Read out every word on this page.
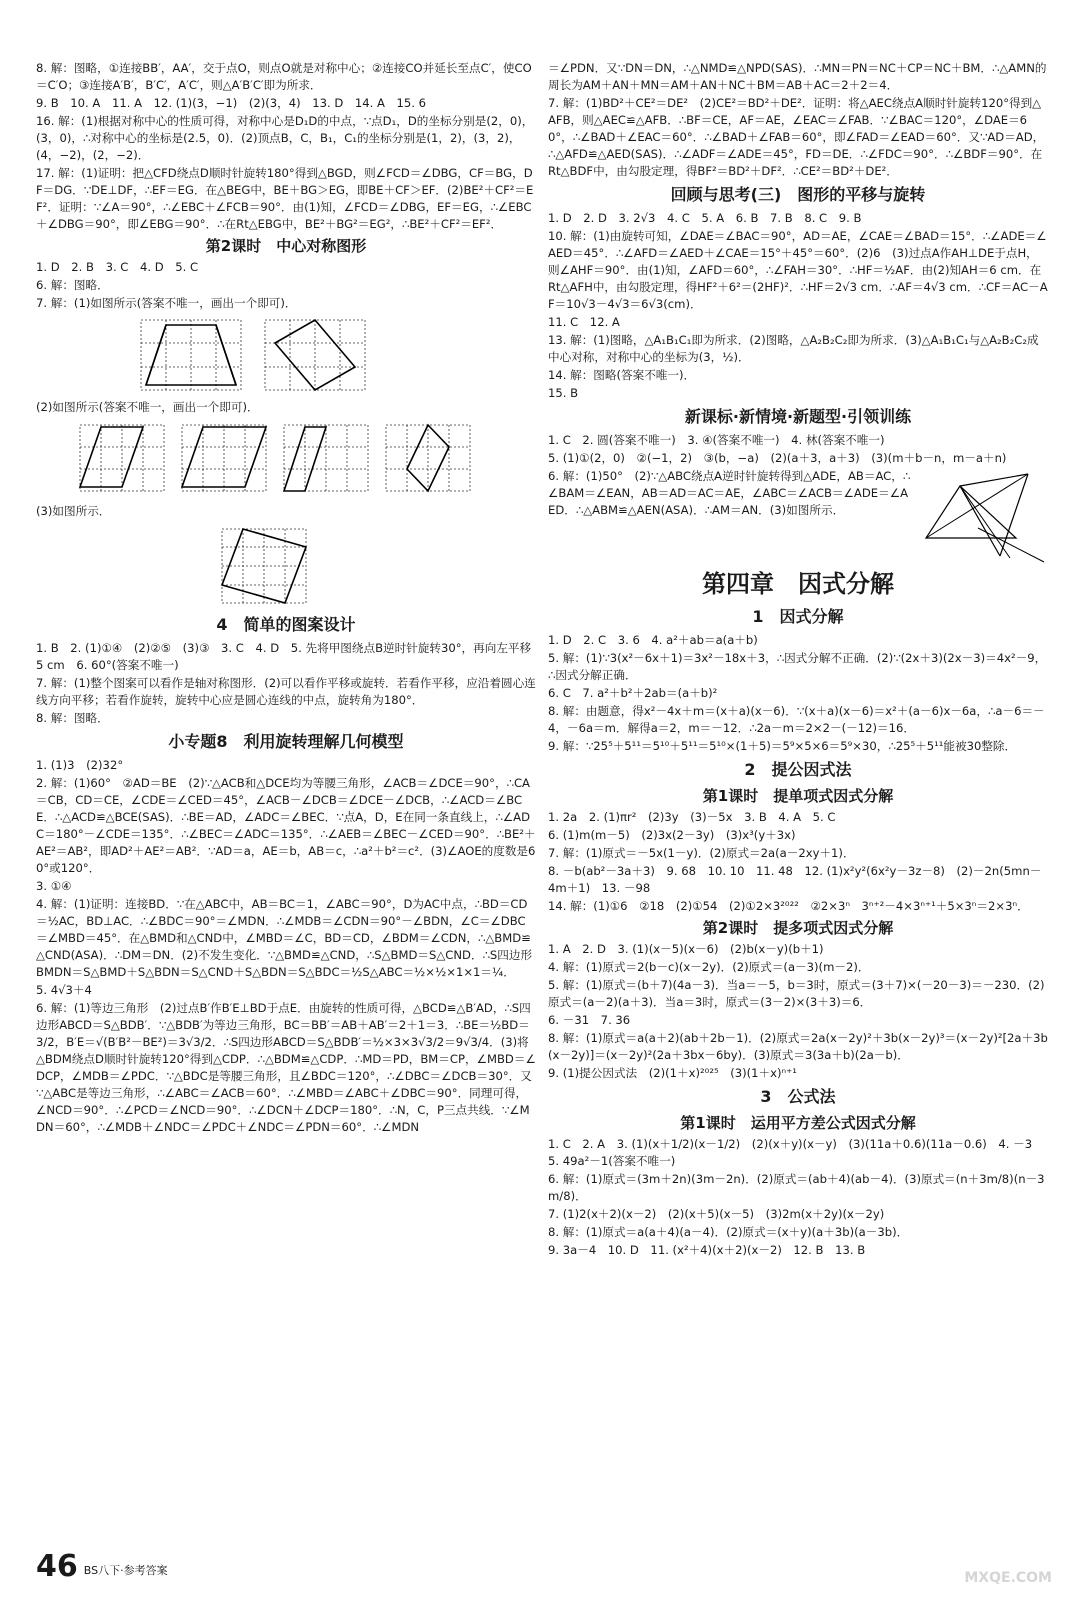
8. 解：图略，①连接BB′，AA′，交于点O，则点O就是对称中心；②连接CO并延长至点C′，使CO＝C′O；③连接A′B′，B′C′，A′C′，则△A′B′C′即为所求．

9. B　10. A　11. A　12. (1)(3，−1)　(2)(3，4)　13. D　14. A　15. 6

16. 解：(1)根据对称中心的性质可得，对称中心是D₁D的中点，∵点D₁，D的坐标分别是(2，0)，(3，0)，∴对称中心的坐标是(2.5，0)．(2)顶点B，C，B₁，C₁的坐标分别是(1，2)，(3，2)，(4，−2)，(2，−2)．

17. 解：(1)证明：把△CFD绕点D顺时针旋转180°得到△BGD，则∠FCD＝∠DBG，CF＝BG，DF＝DG．∵DE⊥DF，∴EF＝EG．在△BEG中，BE＋BG＞EG，即BE＋CF＞EF．(2)BE²＋CF²＝EF²．证明：∵∠A＝90°，∴∠EBC＋∠FCB＝90°．由(1)知，∠FCD＝∠DBG，EF＝EG，∴∠EBC＋∠DBG＝90°，即∠EBG＝90°．∴在Rt△EBG中，BE²＋BG²＝EG²，∴BE²＋CF²＝EF²．

第2课时　中心对称图形

1. D　2. B　3. C　4. D　5. C

6. 解：图略．

7. 解：(1)如图所示(答案不唯一，画出一个即可)．

(2)如图所示(答案不唯一，画出一个即可)．

(3)如图所示．

4　简单的图案设计

1. B　2. (1)①④　(2)②⑤　(3)③　3. C　4. D　5. 先将甲图绕点B逆时针旋转30°，再向左平移5 cm　6. 60°(答案不唯一)

7. 解：(1)整个图案可以看作是轴对称图形．(2)可以看作平移或旋转．若看作平移，应沿着圆心连线方向平移；若看作旋转，旋转中心应是圆心连线的中点，旋转角为180°．

8. 解：图略．

小专题8　利用旋转理解几何模型

1. (1)3　(2)32°

2. 解：(1)60°　②AD＝BE　(2)∵△ACB和△DCE均为等腰三角形，∠ACB＝∠DCE＝90°，∴CA＝CB，CD＝CE，∠CDE＝∠CED＝45°，∠ACB－∠DCB＝∠DCE－∠DCB，∴∠ACD＝∠BCE．∴△ACD≌△BCE(SAS)．∴BE＝AD，∠ADC＝∠BEC．∵点A，D，E在同一条直线上，∴∠ADC＝180°－∠CDE＝135°．∴∠BEC＝∠ADC＝135°．∴∠AEB＝∠BEC－∠CED＝90°．∴BE²＋AE²＝AB²，即AD²＋AE²＝AB²．∵AD＝a，AE＝b，AB＝c，∴a²＋b²＝c²．(3)∠AOE的度数是60°或120°．

3. ①④

4. 解：(1)证明：连接BD．∵在△ABC中，AB＝BC＝1，∠ABC＝90°，D为AC中点，∴BD＝CD＝½AC，BD⊥AC．∴∠BDC＝90°＝∠MDN．∴∠MDB＝∠CDN＝90°－∠BDN，∠C＝∠DBC＝∠MBD＝45°．在△BMD和△CND中，∠MBD＝∠C，BD＝CD，∠BDM＝∠CDN，∴△BMD≌△CND(ASA)．∴DM＝DN．(2)不发生变化．∵△BMD≌△CND，∴S△BMD＝S△CND．∴S四边形BMDN＝S△BMD＋S△BDN＝S△CND＋S△BDN＝S△BDC＝½S△ABC＝½×½×1×1＝¼．

5. 4√3＋4

6. 解：(1)等边三角形　(2)过点B′作B′E⊥BD于点E．由旋转的性质可得，△BCD≌△B′AD，∴S四边形ABCD＝S△BDB′．∵△BDB′为等边三角形，BC＝BB′＝AB＋AB′＝2＋1＝3．∴BE＝½BD＝3/2，B′E＝√(B′B²－BE²)＝3√3/2．∴S四边形ABCD＝S△BDB′＝½×3×3√3/2＝9√3/4．(3)将△BDM绕点D顺时针旋转120°得到△CDP．∴△BDM≌△CDP．∴MD＝PD，BM＝CP，∠MBD＝∠DCP，∠MDB＝∠PDC．∵△BDC是等腰三角形，且∠BDC＝120°，∴∠DBC＝∠DCB＝30°．又∵△ABC是等边三角形，∴∠ABC＝∠ACB＝60°．∴∠MBD＝∠ABC＋∠DBC＝90°．同理可得，∠NCD＝90°．∴∠PCD＝∠NCD＝90°．∴∠DCN＋∠DCP＝180°．∴N，C，P三点共线．∵∠MDN＝60°，∴∠MDB＋∠NDC＝∠PDC＋∠NDC＝∠PDN＝60°．∴∠MDN

＝∠PDN．又∵DN＝DN，∴△NMD≌△NPD(SAS)．∴MN＝PN＝NC＋CP＝NC＋BM．∴△AMN的周长为AM＋AN＋MN＝AM＋AN＋NC＋BM＝AB＋AC＝2＋2＝4．

7. 解：(1)BD²＋CE²＝DE²　(2)CE²＝BD²＋DE²．证明：将△AEC绕点A顺时针旋转120°得到△AFB，则△AEC≌△AFB．∴BF＝CE，AF＝AE，∠EAC＝∠FAB．∵∠BAC＝120°，∠DAE＝60°，∴∠BAD＋∠EAC＝60°．∴∠BAD＋∠FAB＝60°，即∠FAD＝∠EAD＝60°．又∵AD＝AD，∴△AFD≌△AED(SAS)．∴∠ADF＝∠ADE＝45°，FD＝DE．∴∠FDC＝90°．∴∠BDF＝90°．在Rt△BDF中，由勾股定理，得BF²＝BD²＋DF²．∴CE²＝BD²＋DE²．

回顾与思考(三)　图形的平移与旋转

1. D　2. D　3. 2√3　4. C　5. A　6. B　7. B　8. C　9. B

10. 解：(1)由旋转可知，∠DAE＝∠BAC＝90°，AD＝AE，∠CAE＝∠BAD＝15°．∴∠ADE＝∠AED＝45°．∴∠AFD＝∠AED＋∠CAE＝15°＋45°＝60°．(2)6　(3)过点A作AH⊥DE于点H，则∠AHF＝90°．由(1)知，∠AFD＝60°，∴∠FAH＝30°．∴HF＝½AF．由(2)知AH＝6 cm．在Rt△AFH中，由勾股定理，得HF²＋6²＝(2HF)²．∴HF＝2√3 cm．∴AF＝4√3 cm．∴CF＝AC－AF＝10√3－4√3＝6√3(cm)．

11. C　12. A

13. 解：(1)图略，△A₁B₁C₁即为所求．(2)图略，△A₂B₂C₂即为所求．(3)△A₁B₁C₁与△A₂B₂C₂成中心对称，对称中心的坐标为(3，½)．

14. 解：图略(答案不唯一)．

15. B

新课标·新情境·新题型·引领训练

1. C　2. 圆(答案不唯一)　3. ④(答案不唯一)　4. 林(答案不唯一)

5. (1)①(2，0)　②(−1，2)　③(b，−a)　(2)(a＋3，a＋3)　(3)(m＋b－n，m－a＋n)

6. 解：(1)50°　(2)∵△ABC绕点A逆时针旋转得到△ADE，AB＝AC，∴∠BAM＝∠EAN，AB＝AD＝AC＝AE，∠ABC＝∠ACB＝∠ADE＝∠AED．∴△ABM≌△AEN(ASA)．∴AM＝AN．(3)如图所示．

第四章　因式分解
1　因式分解

1. D　2. C　3. 6　4. a²＋ab＝a(a＋b)

5. 解：(1)∵3(x²－6x＋1)＝3x²－18x＋3，∴因式分解不正确．(2)∵(2x＋3)(2x－3)＝4x²－9，∴因式分解正确．

6. C　7. a²＋b²＋2ab＝(a＋b)²

8. 解：由题意，得x²－4x＋m＝(x＋a)(x－6)．∵(x＋a)(x－6)＝x²＋(a－6)x－6a，∴a－6＝－4，－6a＝m．解得a＝2，m＝－12．∴2a－m＝2×2－(－12)＝16．

9. 解：∵25⁵＋5¹¹＝5¹⁰＋5¹¹＝5¹⁰×(1＋5)＝5⁹×5×6＝5⁹×30，∴25⁵＋5¹¹能被30整除．

2　提公因式法
第1课时　提单项式因式分解

1. 2a　2. (1)πr²　(2)3y　(3)－5x　3. B　4. A　5. C

6. (1)m(m－5)　(2)3x(2－3y)　(3)x³(y＋3x)

7. 解：(1)原式＝－5x(1－y)．(2)原式＝2a(a－2xy＋1)．

8. －b(ab²－3a＋3)　9. 68　10. 10　11. 48　12. (1)x²y²(6x²y－3z－8)　(2)－2n(5mn－4m＋1)　13. －98

14. 解：(1)①6　②18　(2)①54　(2)①2×3²⁰²²　②2×3ⁿ　3ⁿ⁺²－4×3ⁿ⁺¹＋5×3ⁿ＝2×3ⁿ．

第2课时　提多项式因式分解

1. A　2. D　3. (1)(x－5)(x－6)　(2)b(x－y)(b＋1)

4. 解：(1)原式＝2(b－c)(x－2y)．(2)原式＝(a－3)(m－2)．

5. 解：(1)原式＝(b＋7)(4a－3)．当a＝－5，b＝3时，原式＝(3＋7)×(－20－3)＝－230．(2)原式＝(a－2)(a＋3)．当a＝3时，原式＝(3－2)×(3＋3)＝6．

6. －31　7. 36

8. 解：(1)原式＝a(a＋2)(ab＋2b－1)．(2)原式＝2a(x－2y)²＋3b(x－2y)³＝(x－2y)²[2a＋3b(x－2y)]＝(x－2y)²(2a＋3bx－6by)．(3)原式＝3(3a＋b)(2a－b)．

9. (1)提公因式法　(2)(1＋x)²⁰²⁵　(3)(1＋x)ⁿ⁺¹

3　公式法
第1课时　运用平方差公式因式分解

1. C　2. A　3. (1)(x＋1/2)(x－1/2)　(2)(x＋y)(x－y)　(3)(11a＋0.6)(11a－0.6)　4. －3　5. 49a²－1(答案不唯一)

6. 解：(1)原式＝(3m＋2n)(3m－2n)．(2)原式＝(ab＋4)(ab－4)．(3)原式＝(n＋3m/8)(n－3m/8)．

7. (1)2(x＋2)(x－2)　(2)(x＋5)(x－5)　(3)2m(x＋2y)(x－2y)

8. 解：(1)原式＝a(a＋4)(a－4)．(2)原式＝(x＋y)(a＋3b)(a－3b)．

9. 3a－4　10. D　11. (x²＋4)(x＋2)(x－2)　12. B　13. B

46 BS八下·参考答案	MXQE.COM
